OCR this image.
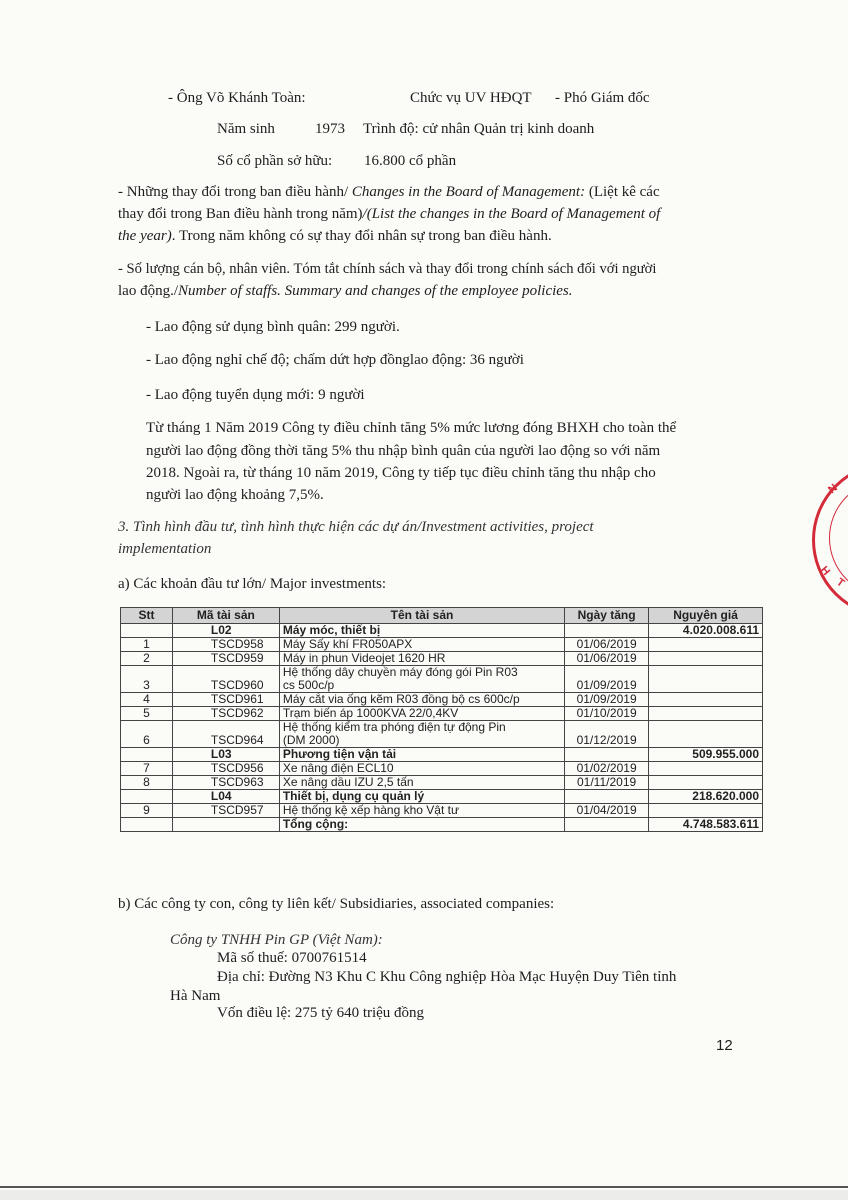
- Ông Võ Khánh Toàn:	Chức vụ UV HĐQT - Phó Giám đốc
Năm sinh	1973 Trình độ: cử nhân Quản trị kinh doanh
Số cổ phần sở hữu: 16.800 cổ phần
- Những thay đổi trong ban điều hành/ Changes in the Board of Management: (Liệt kê các
thay đổi trong Ban điều hành trong năm)/(List the changes in the Board of Management of
the year). Trong năm không có sự thay đổi nhân sự trong ban điều hành.
- Số lượng cán bộ, nhân viên. Tóm tắt chính sách và thay đổi trong chính sách đối với người
lao động./Number of staffs. Summary and changes of the employee policies.
- Lao động sử dụng bình quân: 299 người.
- Lao động nghỉ chế độ; chấm dứt hợp đồnglao động: 36 người
- Lao động tuyển dụng mới: 9 người
Từ tháng 1 Năm 2019 Công ty điều chỉnh tăng 5% mức lương đóng BHXH cho toàn thể
người lao động đồng thời tăng 5% thu nhập bình quân của người lao động so với năm
2018. Ngoài ra, từ tháng 10 năm 2019, Công ty tiếp tục điều chỉnh tăng thu nhập cho
người lao động khoảng 7,5%.
3. Tình hình đầu tư, tình hình thực hiện các dự án/Investment activities, project
implementation
a) Các khoản đầu tư lớn/ Major investments:
Stt	Mã tài sản	Tên tài sản	Ngày tăng	Nguyên giá
	L02	Máy móc, thiết bị		4.020.008.611
1	TSCD958	Máy Sấy khí FR050APX	01/06/2019	
2	TSCD959	Máy in phun Videojet 1620 HR	01/06/2019	
3	TSCD960	Hệ thống dây chuyền máy đóng gói Pin R03
cs 500c/p	01/09/2019	
4	TSCD961	Máy cắt via ống kẽm R03 đồng bộ cs 600c/p	01/09/2019	
5	TSCD962	Trạm biến áp 1000KVA 22/0,4KV	01/10/2019	
6	TSCD964	Hệ thống kiểm tra phóng điện tự động Pin
(DM 2000)	01/12/2019	
	L03	Phương tiện vận tải		509.955.000
7	TSCD956	Xe nâng điện ECL10	01/02/2019	
8	TSCD963	Xe nâng dầu IZU 2,5 tấn	01/11/2019	
	L04	Thiết bị, dụng cụ quản lý		218.620.000
9	TSCD957	Hệ thống kệ xếp hàng kho Vật tư	01/04/2019	
		Tổng cộng:		4.748.583.611
b) Các công ty con, công ty liên kết/ Subsidiaries, associated companies:
Công ty TNHH Pin GP (Việt Nam):
Mã số thuế: 0700761514
Địa chỉ: Đường N3 Khu C Khu Công nghiệp Hòa Mạc Huyện Duy Tiên tỉnh
Hà Nam
Vốn điều lệ: 275 tỷ 640 triệu đồng
12
N
H
T
